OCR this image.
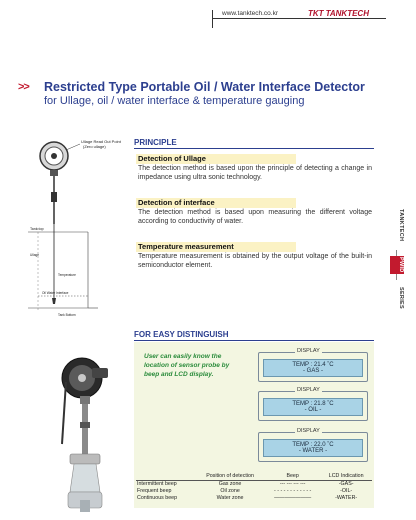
www.tanktech.co.kr	TKT TANKTECH
>> Restricted Type Portable Oil / Water Interface Detector
for Ullage, oil / water interface & temperature gauging
Ullage Read Out Point
(Zero ullage)
Tank top
Ullage
Temperature
Oil Water Interface
Tank Bottom
PRINCIPLE
Detection of Ullage
The detection method is based upon the principle of detecting a change in impedance using ultra sonic technology.
Detection of interface
The detection method is based upon measuring the different voltage according to conductivity of water.
Temperature measurement
Temperature measurement is obtained by the output voltage of the built-in semiconductor element.
TANKTECH
PWID
SERIES
FOR EASY DISTINGUISH
User can easily know the location of sensor probe by beep and LCD display.
DISPLAY
TEMP : 21.4 ˚C
- GAS -
DISPLAY
TEMP : 21.8 ˚C
- OIL -
DISPLAY
TEMP : 22.0 ˚C
- WATER -
	Position of detection	Beep	LCD Indication
Intermittent beep	Gas zone	--- --- --- ---	-GAS-
Frequent beep	Oil zone	- - - - - - - - - - - -	-OIL-
Continuous beep	Water zone	———————	-WATER-
